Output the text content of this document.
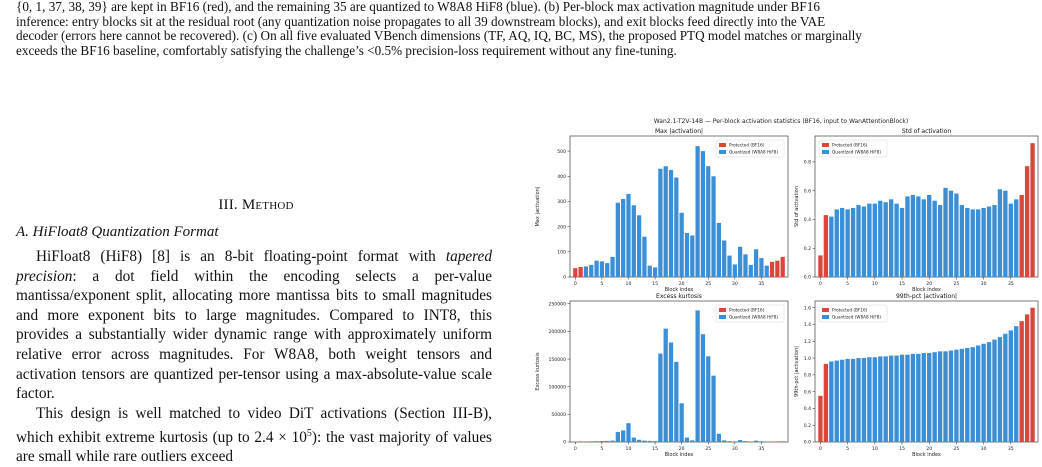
{0, 1, 37, 38, 39} are kept in BF16 (red), and the remaining 35 are quantized to W8A8 HiF8 (blue). (b) Per-block max activation magnitude under BF16

inference: entry blocks sit at the residual root (any quantization noise propagates to all 39 downstream blocks), and exit blocks feed directly into the VAE

decoder (errors here cannot be recovered). (c) On all five evaluated VBench dimensions (TF, AQ, IQ, BC, MS), the proposed PTQ model matches or marginally

exceeds the BF16 baseline, comfortably satisfying the challenge’s <0.5% precision-loss requirement without any fine-tuning.

III. Method
A. HiFloat8 Quantization Format

HiFloat8 (HiF8) [8] is an 8-bit floating-point format with tapered precision: a dot field within the encoding selects a per-value mantissa/exponent split, allocating more mantissa bits to small magnitudes and more exponent bits to large magnitudes. Compared to INT8, this provides a substantially wider dynamic range with approximately uniform relative error across magnitudes. For W8A8, both weight tensors and activation tensors are quantized per-tensor using a max-absolute-value scale factor.

This design is well matched to video DiT activations (Section III-B), which exhibit extreme kurtosis (up to $2.4 \times 10^5$): the vast majority of values are small while rare outliers exceed

Wan2.1-T2V-14B — Per-block activation statistics (BF16, input to WanAttentionBlock)
0
100
200
300
400
500
0	5	10	15	20	25	30	35
Max |activation|
Block index
Max |activation|
Protected (BF16)
Quantized (W8A8 HiF8)
0.0
0.2
0.4
0.6
0.8
0	5	10	15	20	25	30	35
Std of activation
Block index
Std of activation
Protected (BF16)
Quantized (W8A8 HiF8)
0
50000
100000
150000
200000
250000
0	5	10	15	20	25	30	35
Excess kurtosis
Block index
Excess kurtosis
Protected (BF16)
Quantized (W8A8 HiF8)
0.0
0.2
0.4
0.6
0.8
1.0
1.2
1.4
1.6
0	5	10	15	20	25	30	35
99th-pct |activation|
Block index
99th-pct |activation|
Protected (BF16)
Quantized (W8A8 HiF8)
